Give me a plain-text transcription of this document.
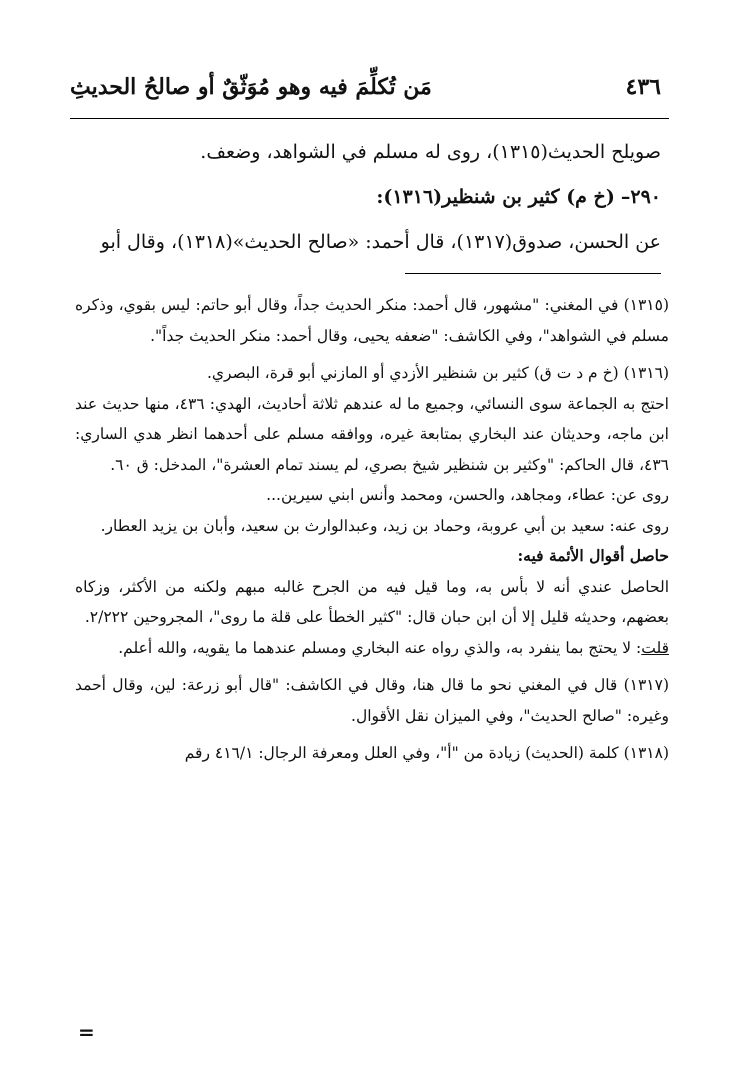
٤٣٦
مَن تُكلِّمَ فيه وهو مُوَثّقٌ أو صالحُ الحديثِ

صويلح الحديث(١٣١٥)، روى له مسلم في الشواهد، وضعف.

٢٩٠– (خ م) كثير بن شنظير(١٣١٦):

عن الحسن، صدوق(١٣١٧)، قال أحمد: «صالح الحديث»(١٣١٨)، وقال أبو

(١٣١٥) في المغني: "مشهور، قال أحمد: منكر الحديث جداً، وقال أبو حاتم: ليس بقوي، وذكره مسلم في الشواهد"، وفي الكاشف: "ضعفه يحيى، وقال أحمد: منكر الحديث جداً".

(١٣١٦) (خ م د ت ق) كثير بن شنظير الأزدي أو المازني أبو قرة، البصري.

احتج به الجماعة سوى النسائي، وجميع ما له عندهم ثلاثة أحاديث، الهدي: ٤٣٦، منها حديث عند ابن ماجه، وحديثان عند البخاري بمتابعة غيره، ووافقه مسلم على أحدهما انظر هدي الساري: ٤٣٦، قال الحاكم: "وكثير بن شنظير شيخ بصري، لم يسند تمام العشرة"، المدخل: ق ٦٠.

روى عن: عطاء، ومجاهد، والحسن، ومحمد وأنس ابني سيرين...

روى عنه: سعيد بن أبي عروبة، وحماد بن زيد، وعبدالوارث بن سعيد، وأبان بن يزيد العطار.

حاصل أقوال الأئمة فيه:

الحاصل عندي أنه لا بأس به، وما قيل فيه من الجرح غالبه مبهم ولكنه من الأكثر، وزكاه بعضهم، وحديثه قليل إلا أن ابن حبان قال: "كثير الخطأ على قلة ما روى"، المجروحين ٢/٢٢٢.

قلت: لا يحتج بما ينفرد به، والذي رواه عنه البخاري ومسلم عندهما ما يقويه، والله أعلم.

(١٣١٧) قال في المغني نحو ما قال هنا، وقال في الكاشف: "قال أبو زرعة: لين، وقال أحمد وغيره: "صالح الحديث"، وفي الميزان نقل الأقوال.
(١٣١٨) كلمة (الحديث) زيادة من "أ"، وفي العلل ومعرفة الرجال: ٤١٦/١ رقم
=
